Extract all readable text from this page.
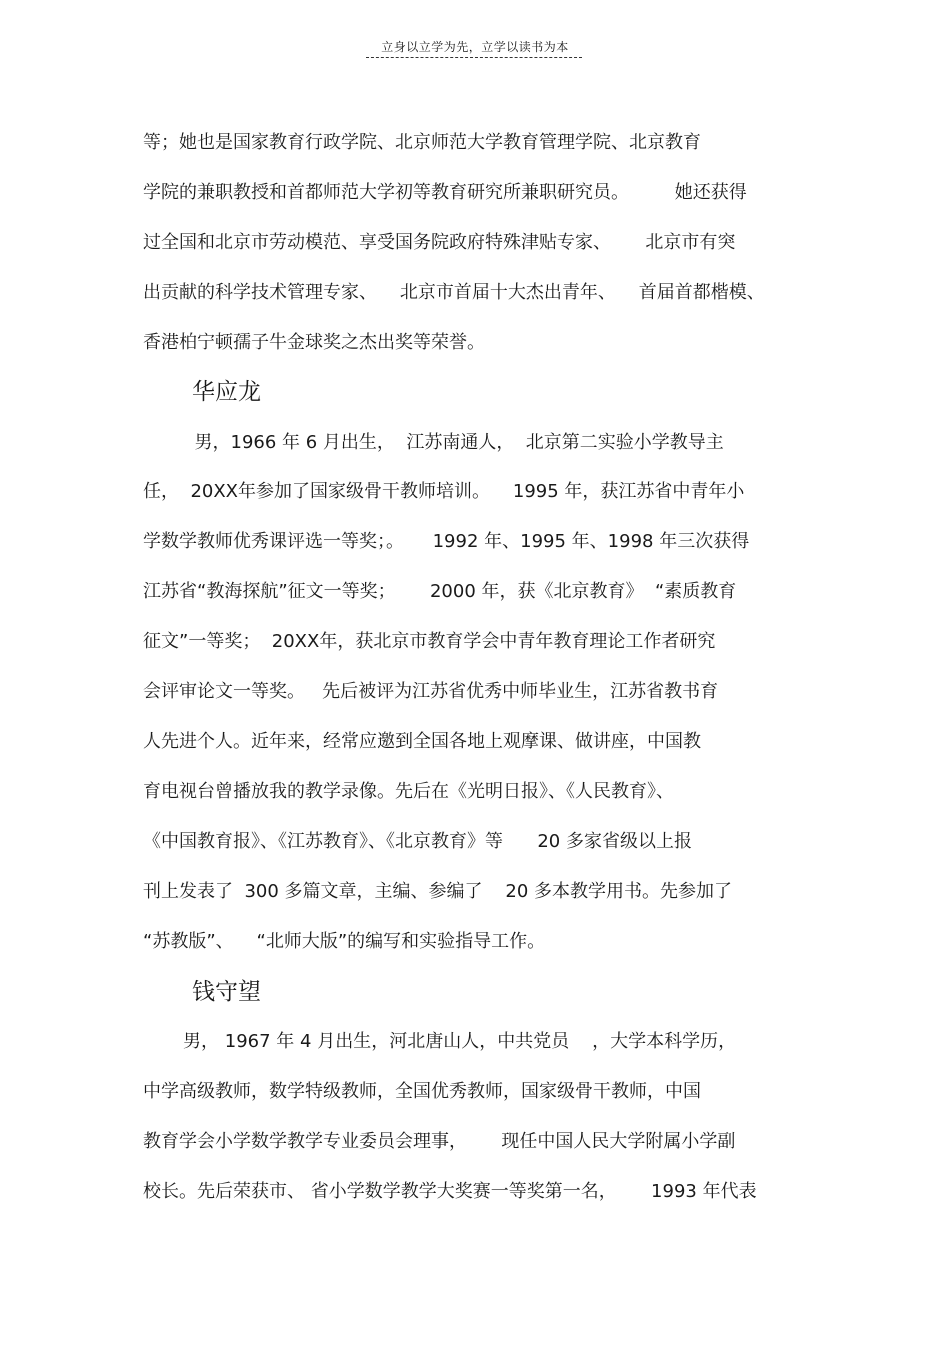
立身以立学为先，立学以读书为本
等；她也是国家教育行政学院、北京师范大学教育管理学院、北京教育
学院的兼职教授和首都师范大学初等教育研究所兼职研究员。        她还获得
过全国和北京市劳动模范、享受国务院政府特殊津贴专家、      北京市有突
出贡献的科学技术管理专家、    北京市首届十大杰出青年、    首届首都楷模、
香港柏宁顿孺子牛金球奖之杰出奖等荣誉。
华应龙
男，1966 年 6 月出生，  江苏南通人，  北京第二实验小学教导主
任，  20XX年参加了国家级骨干教师培训。    1995 年，获江苏省中青年小
学数学教师优秀课评选一等奖；。     1992 年、1995 年、1998 年三次获得
江苏省“教海探航”征文一等奖；      2000 年，获《北京教育》  “素质教育
征文”一等奖；  20XX年，获北京市教育学会中青年教育理论工作者研究
会评审论文一等奖。   先后被评为江苏省优秀中师毕业生，江苏省教书育
人先进个人。近年来，经常应邀到全国各地上观摩课、做讲座，中国教
育电视台曾播放我的教学录像。先后在《光明日报》、《人民教育》、
《中国教育报》、《江苏教育》、《北京教育》等      20 多家省级以上报
刊上发表了  300 多篇文章，主编、参编了    20 多本教学用书。先参加了
“苏教版”、    “北师大版”的编写和实验指导工作。
钱守望
男， 1967 年 4 月出生，河北唐山人，中共党员    ，大学本科学历，
中学高级教师，数学特级教师，全国优秀教师，国家级骨干教师，中国
教育学会小学数学教学专业委员会理事，      现任中国人民大学附属小学副
校长。先后荣获市、 省小学数学教学大奖赛一等奖第一名，      1993 年代表
